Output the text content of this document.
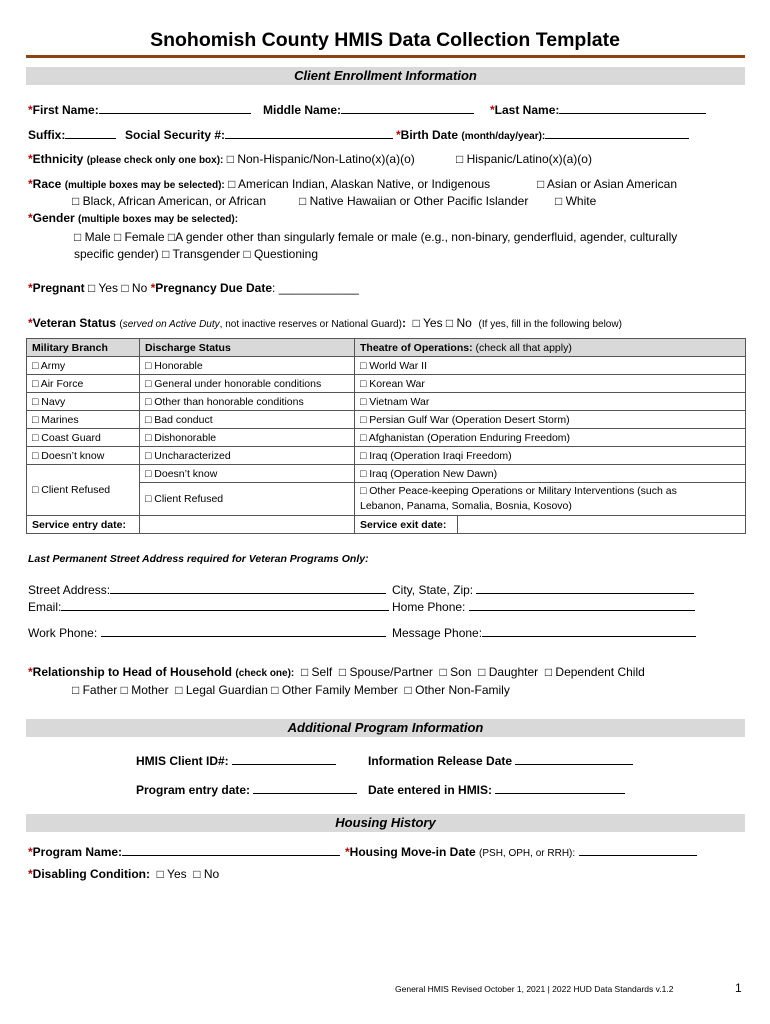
Snohomish County HMIS Data Collection Template
Client Enrollment Information
*First Name:	Middle Name:	*Last Name:
Suffix:	Social Security #:	*Birth Date (month/day/year):
*Ethnicity (please check only one box): □ Non-Hispanic/Non-Latino(x)(a)(o)	□ Hispanic/Latino(x)(a)(o)
*Race (multiple boxes may be selected): □ American Indian, Alaskan Native, or Indigenous	□ Asian or Asian American
□ Black, African American, or African	□ Native Hawaiian or Other Pacific Islander □ White
*Gender (multiple boxes may be selected):
□ Male □ Female □A gender other than singularly female or male (e.g., non-binary, genderfluid, agender, culturally
specific gender) □ Transgender □ Questioning
*Pregnant □ Yes □ No *Pregnancy Due Date: ____________
*Veteran Status (served on Active Duty, not inactive reserves or National Guard): □ Yes □ No (If yes, fill in the following below)
Military Branch	Discharge Status	Theatre of Operations: (check all that apply)	
□ Army	□ Honorable	□ World War II	
□ Air Force	□ General under honorable conditions	□ Korean War	
□ Navy	□ Other than honorable conditions	□ Vietnam War	
□ Marines	□ Bad conduct	□ Persian Gulf War (Operation Desert Storm)	
□ Coast Guard	□ Dishonorable	□ Afghanistan (Operation Enduring Freedom)	
□ Doesn’t know	□ Uncharacterized	□ Iraq (Operation Iraqi Freedom)	
□ Client Refused	□ Doesn’t know	□ Iraq (Operation New Dawn)	
	□ Client Refused	□ Other Peace-keeping Operations or Military Interventions (such as
Lebanon, Panama, Somalia, Bosnia, Kosovo)	
Service entry date:		Service exit date:	
Last Permanent Street Address required for Veteran Programs Only:
Street Address:	City, State, Zip:
Email:	Home Phone:
Work Phone:	Message Phone:
*Relationship to Head of Household (check one): □ Self □ Spouse/Partner □ Son □ Daughter □ Dependent Child
□ Father □ Mother □ Legal Guardian □ Other Family Member □ Other Non-Family
Additional Program Information
HMIS Client ID#:	Information Release Date
Program entry date:	Date entered in HMIS:
Housing History
*Program Name:	*Housing Move-in Date (PSH, OPH, or RRH):
*Disabling Condition: □ Yes □ No
General HMIS Revised October 1, 2021 | 2022 HUD Data Standards v.1.2	1
